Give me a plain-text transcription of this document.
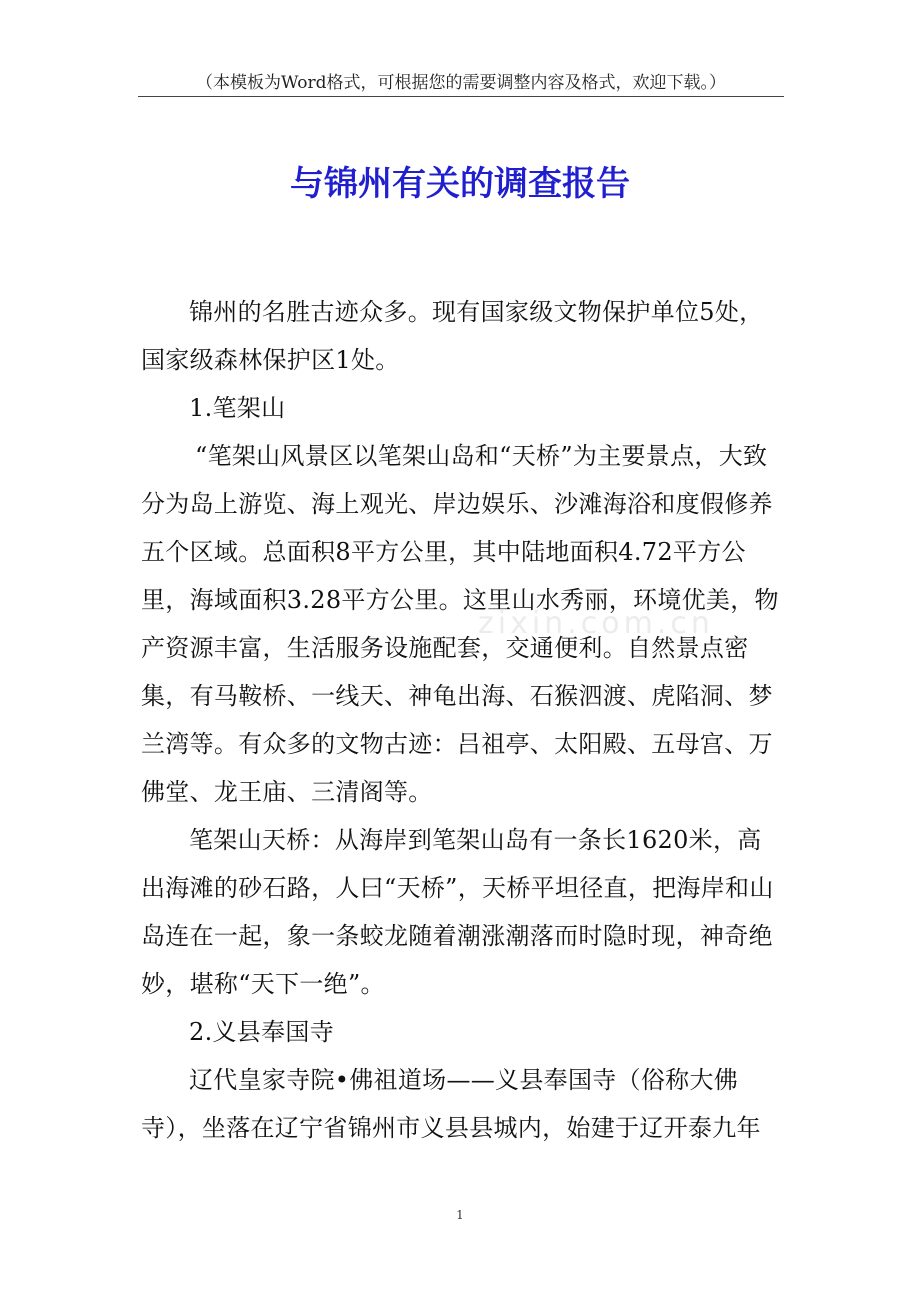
（本模板为Word格式，可根据您的需要调整内容及格式，欢迎下载。）
与锦州有关的调查报告

锦州的名胜古迹众多。现有国家级文物保护单位5处，国家级森林保护区1处。

1.笔架山

“笔架山风景区以笔架山岛和“天桥”为主要景点，大致分为岛上游览、海上观光、岸边娱乐、沙滩海浴和度假修养五个区域。总面积8平方公里，其中陆地面积4.72平方公里，海域面积3.28平方公里。这里山水秀丽，环境优美，物产资源丰富，生活服务设施配套，交通便利。自然景点密集，有马鞍桥、一线天、神龟出海、石猴泗渡、虎陷洞、梦兰湾等。有众多的文物古迹：吕祖亭、太阳殿、五母宫、万佛堂、龙王庙、三清阁等。

笔架山天桥：从海岸到笔架山岛有一条长1620米，高出海滩的砂石路，人曰“天桥”，天桥平坦径直，把海岸和山岛连在一起，象一条蛟龙随着潮涨潮落而时隐时现，神奇绝妙，堪称“天下一绝”。

2.义县奉国寺

辽代皇家寺院•佛祖道场——义县奉国寺（俗称大佛寺），坐落在辽宁省锦州市义县县城内，始建于辽开泰九年

zixin.com.cn
1
